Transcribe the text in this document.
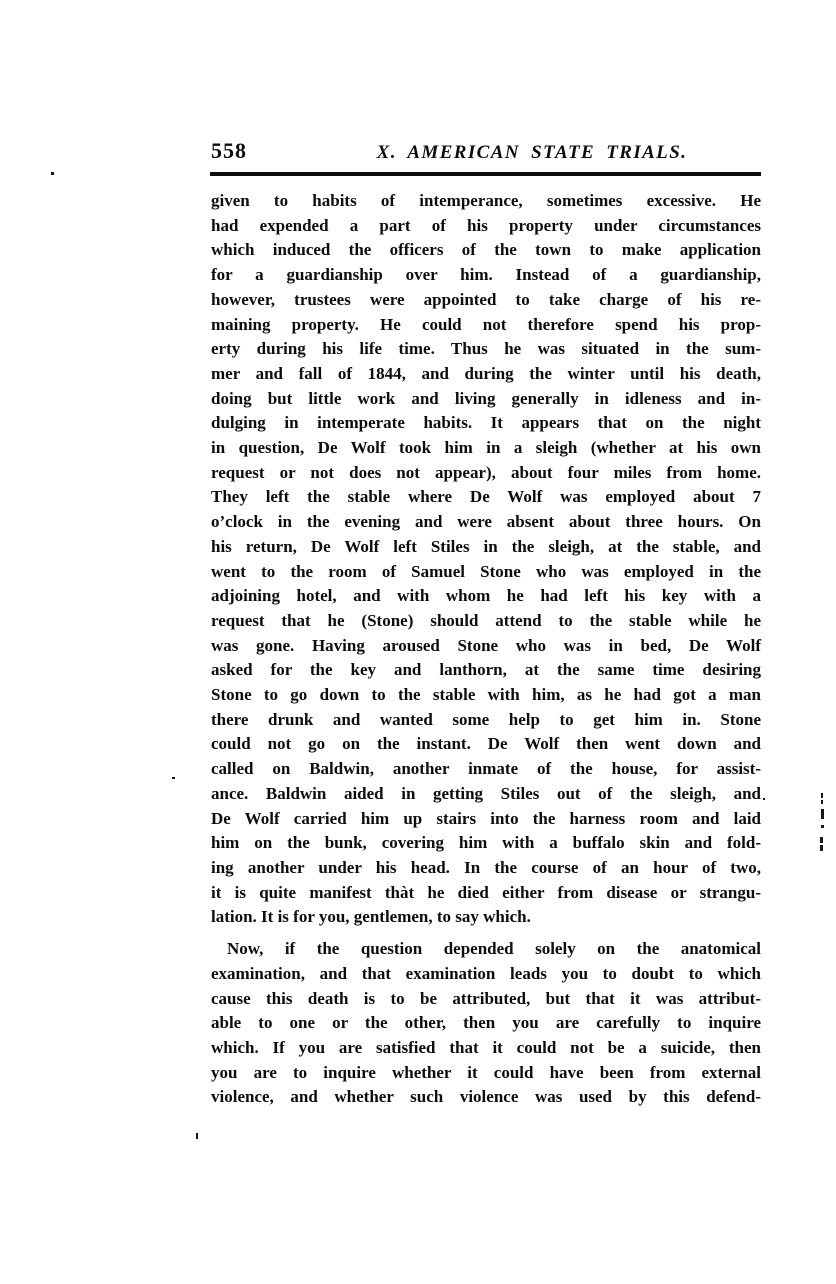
558	X. AMERICAN STATE TRIALS.
given to habits of intemperance, sometimes excessive. He
had expended a part of his property under circumstances
which induced the officers of the town to make application
for a guardianship over him. Instead of a guardianship,
however, trustees were appointed to take charge of his re-
maining property. He could not therefore spend his prop-
erty during his life time. Thus he was situated in the sum-
mer and fall of 1844, and during the winter until his death,
doing but little work and living generally in idleness and in-
dulging in intemperate habits. It appears that on the night
in question, De Wolf took him in a sleigh (whether at his own
request or not does not appear), about four miles from home.
They left the stable where De Wolf was employed about 7
o’clock in the evening and were absent about three hours. On
his return, De Wolf left Stiles in the sleigh, at the stable, and
went to the room of Samuel Stone who was employed in the
adjoining hotel, and with whom he had left his key with a
request that he (Stone) should attend to the stable while he
was gone. Having aroused Stone who was in bed, De Wolf
asked for the key and lanthorn, at the same time desiring
Stone to go down to the stable with him, as he had got a man
there drunk and wanted some help to get him in. Stone
could not go on the instant. De Wolf then went down and
called on Baldwin, another inmate of the house, for assist-
ance. Baldwin aided in getting Stiles out of the sleigh, and
De Wolf carried him up stairs into the harness room and laid
him on the bunk, covering him with a buffalo skin and fold-
ing another under his head. In the course of an hour of two,
it is quite manifest thàt he died either from disease or strangu-
lation. It is for you, gentlemen, to say which.
Now, if the question depended solely on the anatomical
examination, and that examination leads you to doubt to which
cause this death is to be attributed, but that it was attribut-
able to one or the other, then you are carefully to inquire
which. If you are satisfied that it could not be a suicide, then
you are to inquire whether it could have been from external
violence, and whether such violence was used by this defend-
